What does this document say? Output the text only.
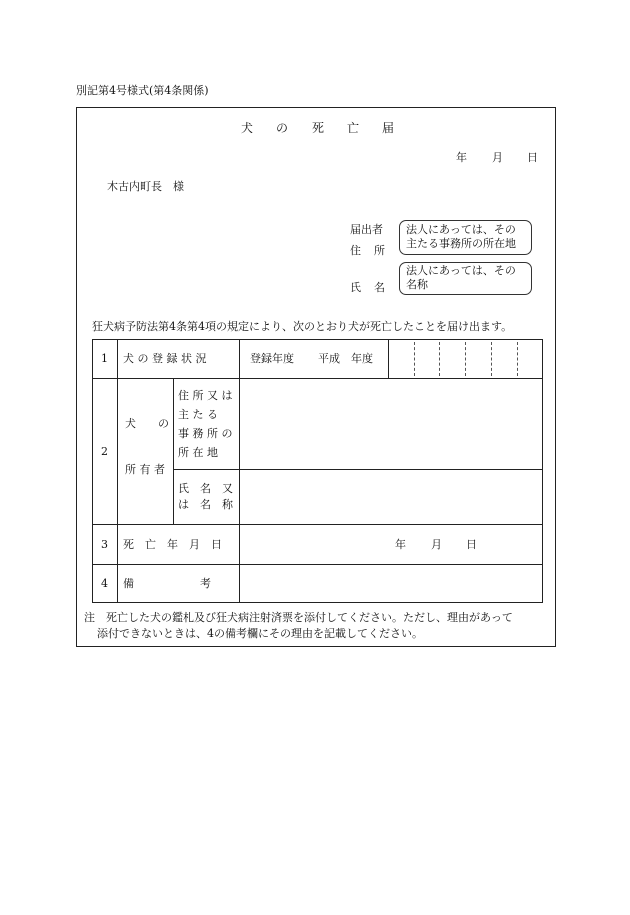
別記第4号様式(第4条関係)
犬 の 死 亡 届
年 月 日
木古内町長　様
届出者
住 所
法人にあっては、その
主たる事務所の所在地
氏 名
法人にあっては、その
名称
狂犬病予防法第4条第4項の規定により、次のとおり犬が死亡したことを届け出ます。
1 犬 の 登 録 状 況	登録年度 平成　年度
2
犬　　の
所 有 者
住 所 又 は
主 た る
事 務 所 の
所 在 地
氏　名　又
は　名　称
3 死　亡　年　月　日	年 月 日
4 備　　　　　　考
注　死亡した犬の鑑札及び狂犬病注射済票を添付してください。ただし、理由があって
添付できないときは、4の備考欄にその理由を記載してください。
